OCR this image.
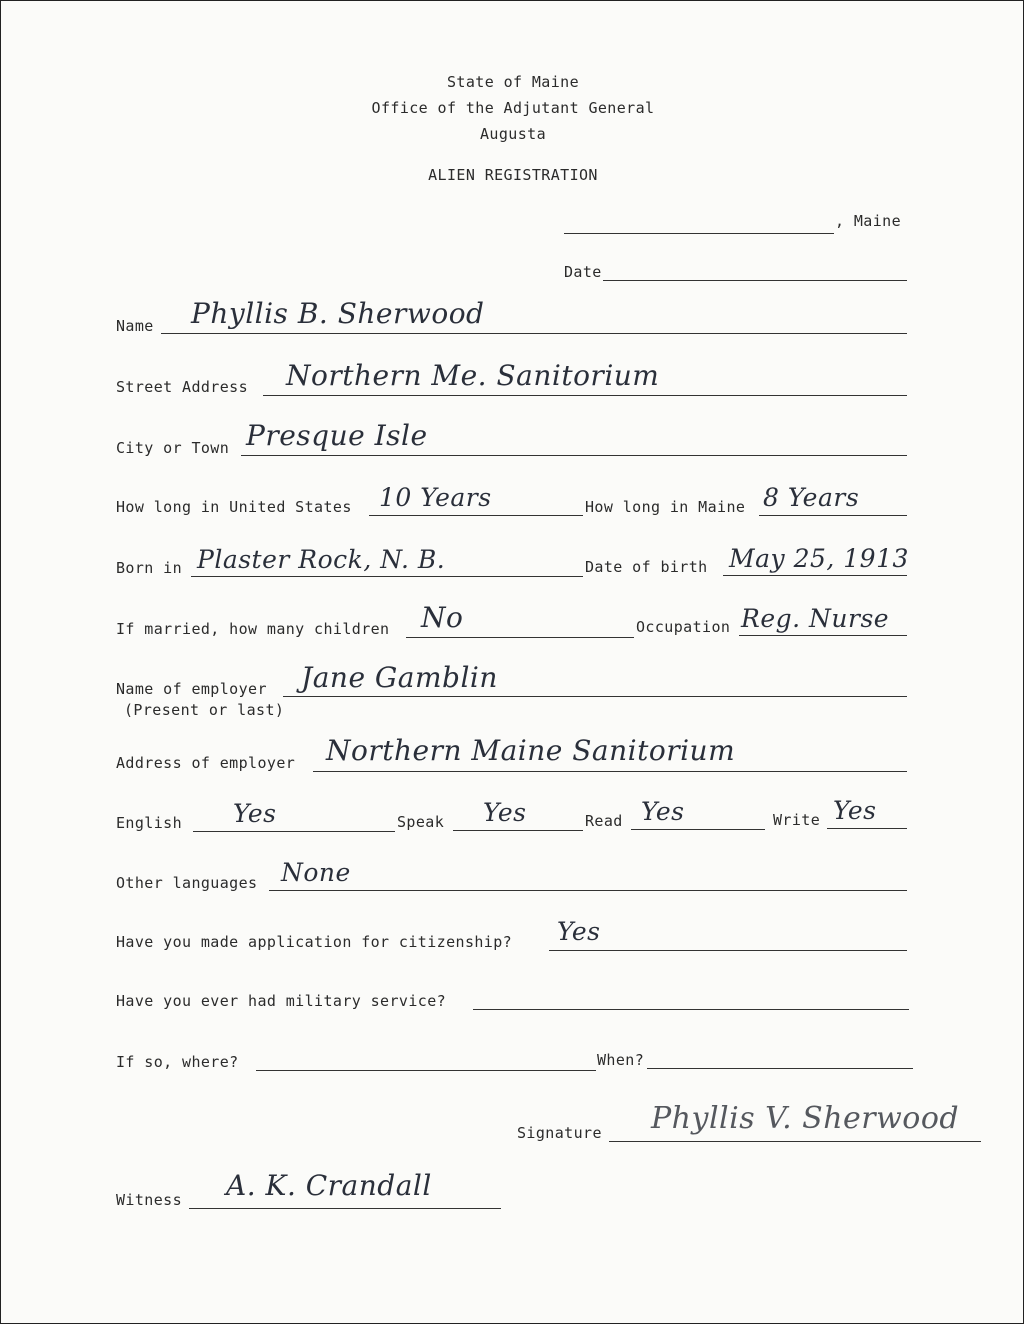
State of Maine
Office of the Adjutant General
Augusta
ALIEN REGISTRATION
, Maine
Date
Name Phyllis B. Sherwood
Street Address Northern Me. Sanitorium
City or Town Presque Isle
How long in United States 10 Years	How long in Maine 8 Years
Born in Plaster Rock, N. B.	Date of birth May 25, 1913
If married, how many children No	Occupation Reg. Nurse
Name of employer
(Present or last)
Jane Gamblin
Address of employer Northern Maine Sanitorium
English Yes	Speak Yes	Read Yes	Write Yes
Other languages None
Have you made application for citizenship? Yes
Have you ever had military service?
If so, where?	When?
Signature Phyllis V. Sherwood
Witness A. K. Crandall
